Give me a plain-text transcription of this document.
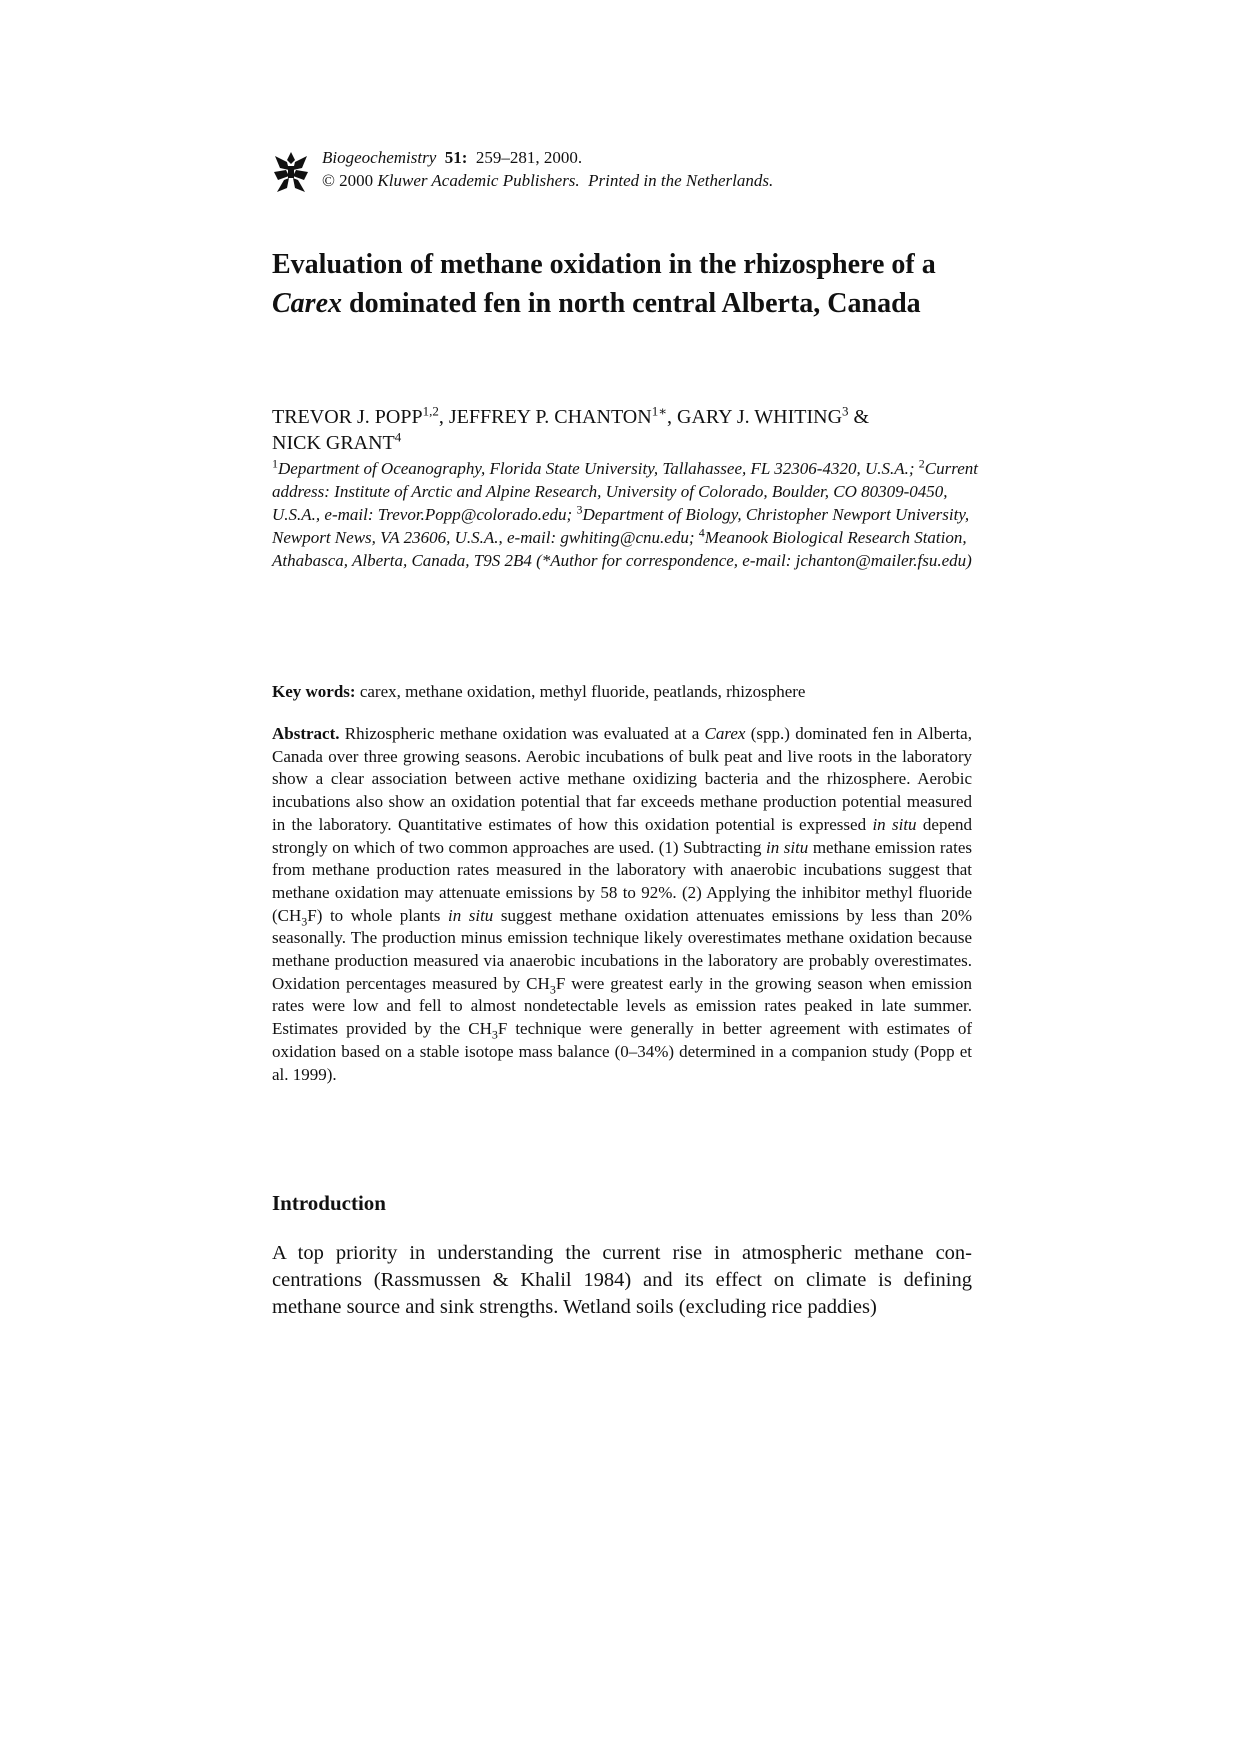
Biogeochemistry 51: 259–281, 2000.
© 2000 Kluwer Academic Publishers. Printed in the Netherlands.
Evaluation of methane oxidation in the rhizosphere of a Carex dominated fen in north central Alberta, Canada
TREVOR J. POPP$^{1,2}$, JEFFREY P. $CHANTON^{1∗}$, GARY J. WHITING$^3$ &
NICK GRANT$^4$
$^1$Department of Oceanography, Florida State University, Tallahassee, FL 32306-4320, U.S.A.; $^2$Current address: Institute of Arctic and Alpine Research, University of Colorado, Boulder, CO 80309-0450, U.S.A., e-mail: Trevor.Popp@colorado.edu; $^3$Department of Biology, Christopher Newport University, Newport News, VA 23606, U.S.A., e-mail: gwhiting@cnu.edu; $^4$Meanook Biological Research Station, Athabasca, Alberta, Canada, T9S 2B4 (*Author for correspondence, e-mail: jchanton@mailer.fsu.edu)
Key words: carex, methane oxidation, methyl fluoride, peatlands, rhizosphere
Abstract. Rhizospheric methane oxidation was evaluated at a Carex (spp.) dominated fen in Alberta, Canada over three growing seasons. Aerobic incubations of bulk peat and live roots in the laboratory show a clear association between active methane oxidizing bacteria and the rhizosphere. Aerobic incubations also show an oxidation potential that far exceeds methane production potential measured in the laboratory. Quantitative estimates of how this oxidation potential is expressed in situ depend strongly on which of two common approaches are used. (1) Subtracting in situ methane emission rates from methane production rates measured in the laboratory with anaerobic incubations suggest that methane oxidation may attenuate emissions by 58 to 92%. (2) Applying the inhibitor methyl fluoride $(CH_3F)$ to whole plants in situ suggest methane oxidation attenuates emissions by less than 20% seasonally. The production minus emission technique likely overestimates methane oxidation because methane production measured via anaerobic incubations in the laboratory are probably overestimates. Oxidation percentages measured by $CH_3F$ were greatest early in the growing season when emission rates were low and fell to almost nondetectable levels as emission rates peaked in late summer. Estimates provided by the $CH_3F$ technique were generally in better agreement with estimates of oxidation based on a stable isotope mass balance (0–34%) determined in a companion study (Popp et al. 1999).
Introduction
A top priority in understanding the current rise in atmospheric methane concentrations (Rassmussen & Khalil 1984) and its effect on climate is defining methane source and sink strengths. Wetland soils (excluding rice paddies)
